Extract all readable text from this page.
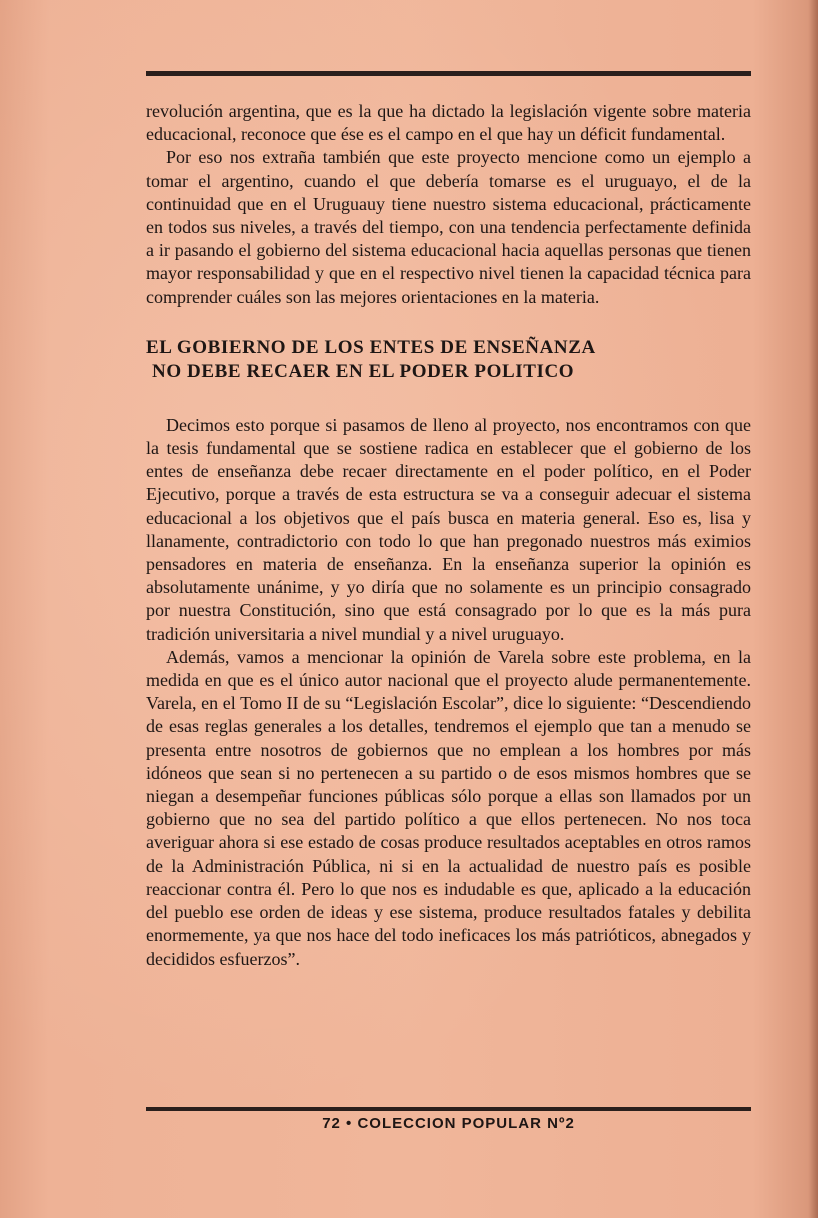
revolución argentina, que es la que ha dictado la legislación vigente sobre materia educacional, reconoce que ése es el campo en el que hay un déficit fundamental.

Por eso nos extraña también que este proyecto mencione como un ejemplo a tomar el argentino, cuando el que debería tomarse es el uruguayo, el de la continuidad que en el Uruguauy tiene nuestro sistema educacional, prácticamente en todos sus niveles, a través del tiempo, con una tendencia perfectamente definida a ir pasando el gobierno del sistema educacional hacia aquellas personas que tienen mayor responsabilidad y que en el respectivo nivel tienen la capacidad técnica para comprender cuáles son las mejores orientaciones en la materia.

EL GOBIERNO DE LOS ENTES DE ENSEÑANZA
NO DEBE RECAER EN EL PODER POLITICO

Decimos esto porque si pasamos de lleno al proyecto, nos encontramos con que la tesis fundamental que se sostiene radica en establecer que el gobierno de los entes de enseñanza debe recaer directamente en el poder político, en el Poder Ejecutivo, porque a través de esta estructura se va a conseguir adecuar el sistema educacional a los objetivos que el país busca en materia general. Eso es, lisa y llanamente, contradictorio con todo lo que han pregonado nuestros más eximios pensadores en materia de enseñanza. En la enseñanza superior la opinión es absolutamente unánime, y yo diría que no solamente es un principio consagrado por nuestra Constitución, sino que está consagrado por lo que es la más pura tradición universitaria a nivel mundial y a nivel uruguayo.

Además, vamos a mencionar la opinión de Varela sobre este problema, en la medida en que es el único autor nacional que el proyecto alude permanentemente. Varela, en el Tomo II de su “Legislación Escolar”, dice lo siguiente: “Descendiendo de esas reglas generales a los detalles, tendremos el ejemplo que tan a menudo se presenta entre nosotros de gobiernos que no emplean a los hombres por más idóneos que sean si no pertenecen a su partido o de esos mismos hombres que se niegan a desempeñar funciones públicas sólo porque a ellas son llamados por un gobierno que no sea del partido político a que ellos pertenecen. No nos toca averiguar ahora si ese estado de cosas produce resultados aceptables en otros ramos de la Administración Pública, ni si en la actualidad de nuestro país es posible reaccionar contra él. Pero lo que nos es indudable es que, aplicado a la educación del pueblo ese orden de ideas y ese sistema, produce resultados fatales y debilita enormemente, ya que nos hace del todo ineficaces los más patrióticos, abnegados y decididos esfuerzos”.

72 • COLECCION POPULAR Nº2
